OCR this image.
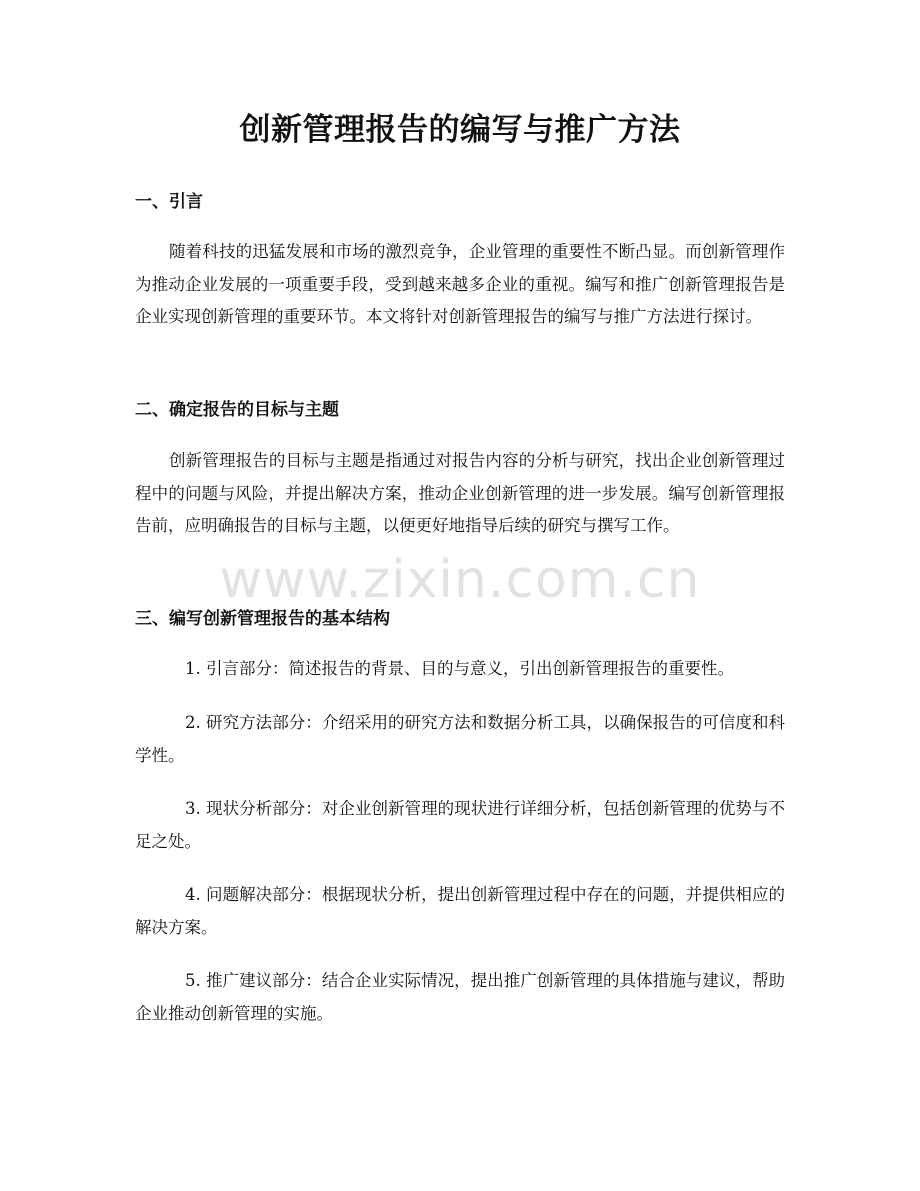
创新管理报告的编写与推广方法
一、引言

随着科技的迅猛发展和市场的激烈竞争，企业管理的重要性不断凸显。而创新管理作为推动企业发展的一项重要手段，受到越来越多企业的重视。编写和推广创新管理报告是企业实现创新管理的重要环节。本文将针对创新管理报告的编写与推广方法进行探讨。

二、确定报告的目标与主题

创新管理报告的目标与主题是指通过对报告内容的分析与研究，找出企业创新管理过程中的问题与风险，并提出解决方案，推动企业创新管理的进一步发展。编写创新管理报告前，应明确报告的目标与主题，以便更好地指导后续的研究与撰写工作。

三、编写创新管理报告的基本结构

1. 引言部分：简述报告的背景、目的与意义，引出创新管理报告的重要性。

2. 研究方法部分：介绍采用的研究方法和数据分析工具，以确保报告的可信度和科学性。

3. 现状分析部分：对企业创新管理的现状进行详细分析，包括创新管理的优势与不足之处。

4. 问题解决部分：根据现状分析，提出创新管理过程中存在的问题，并提供相应的解决方案。

5. 推广建议部分：结合企业实际情况，提出推广创新管理的具体措施与建议，帮助企业推动创新管理的实施。

www.zixin.com.cn
